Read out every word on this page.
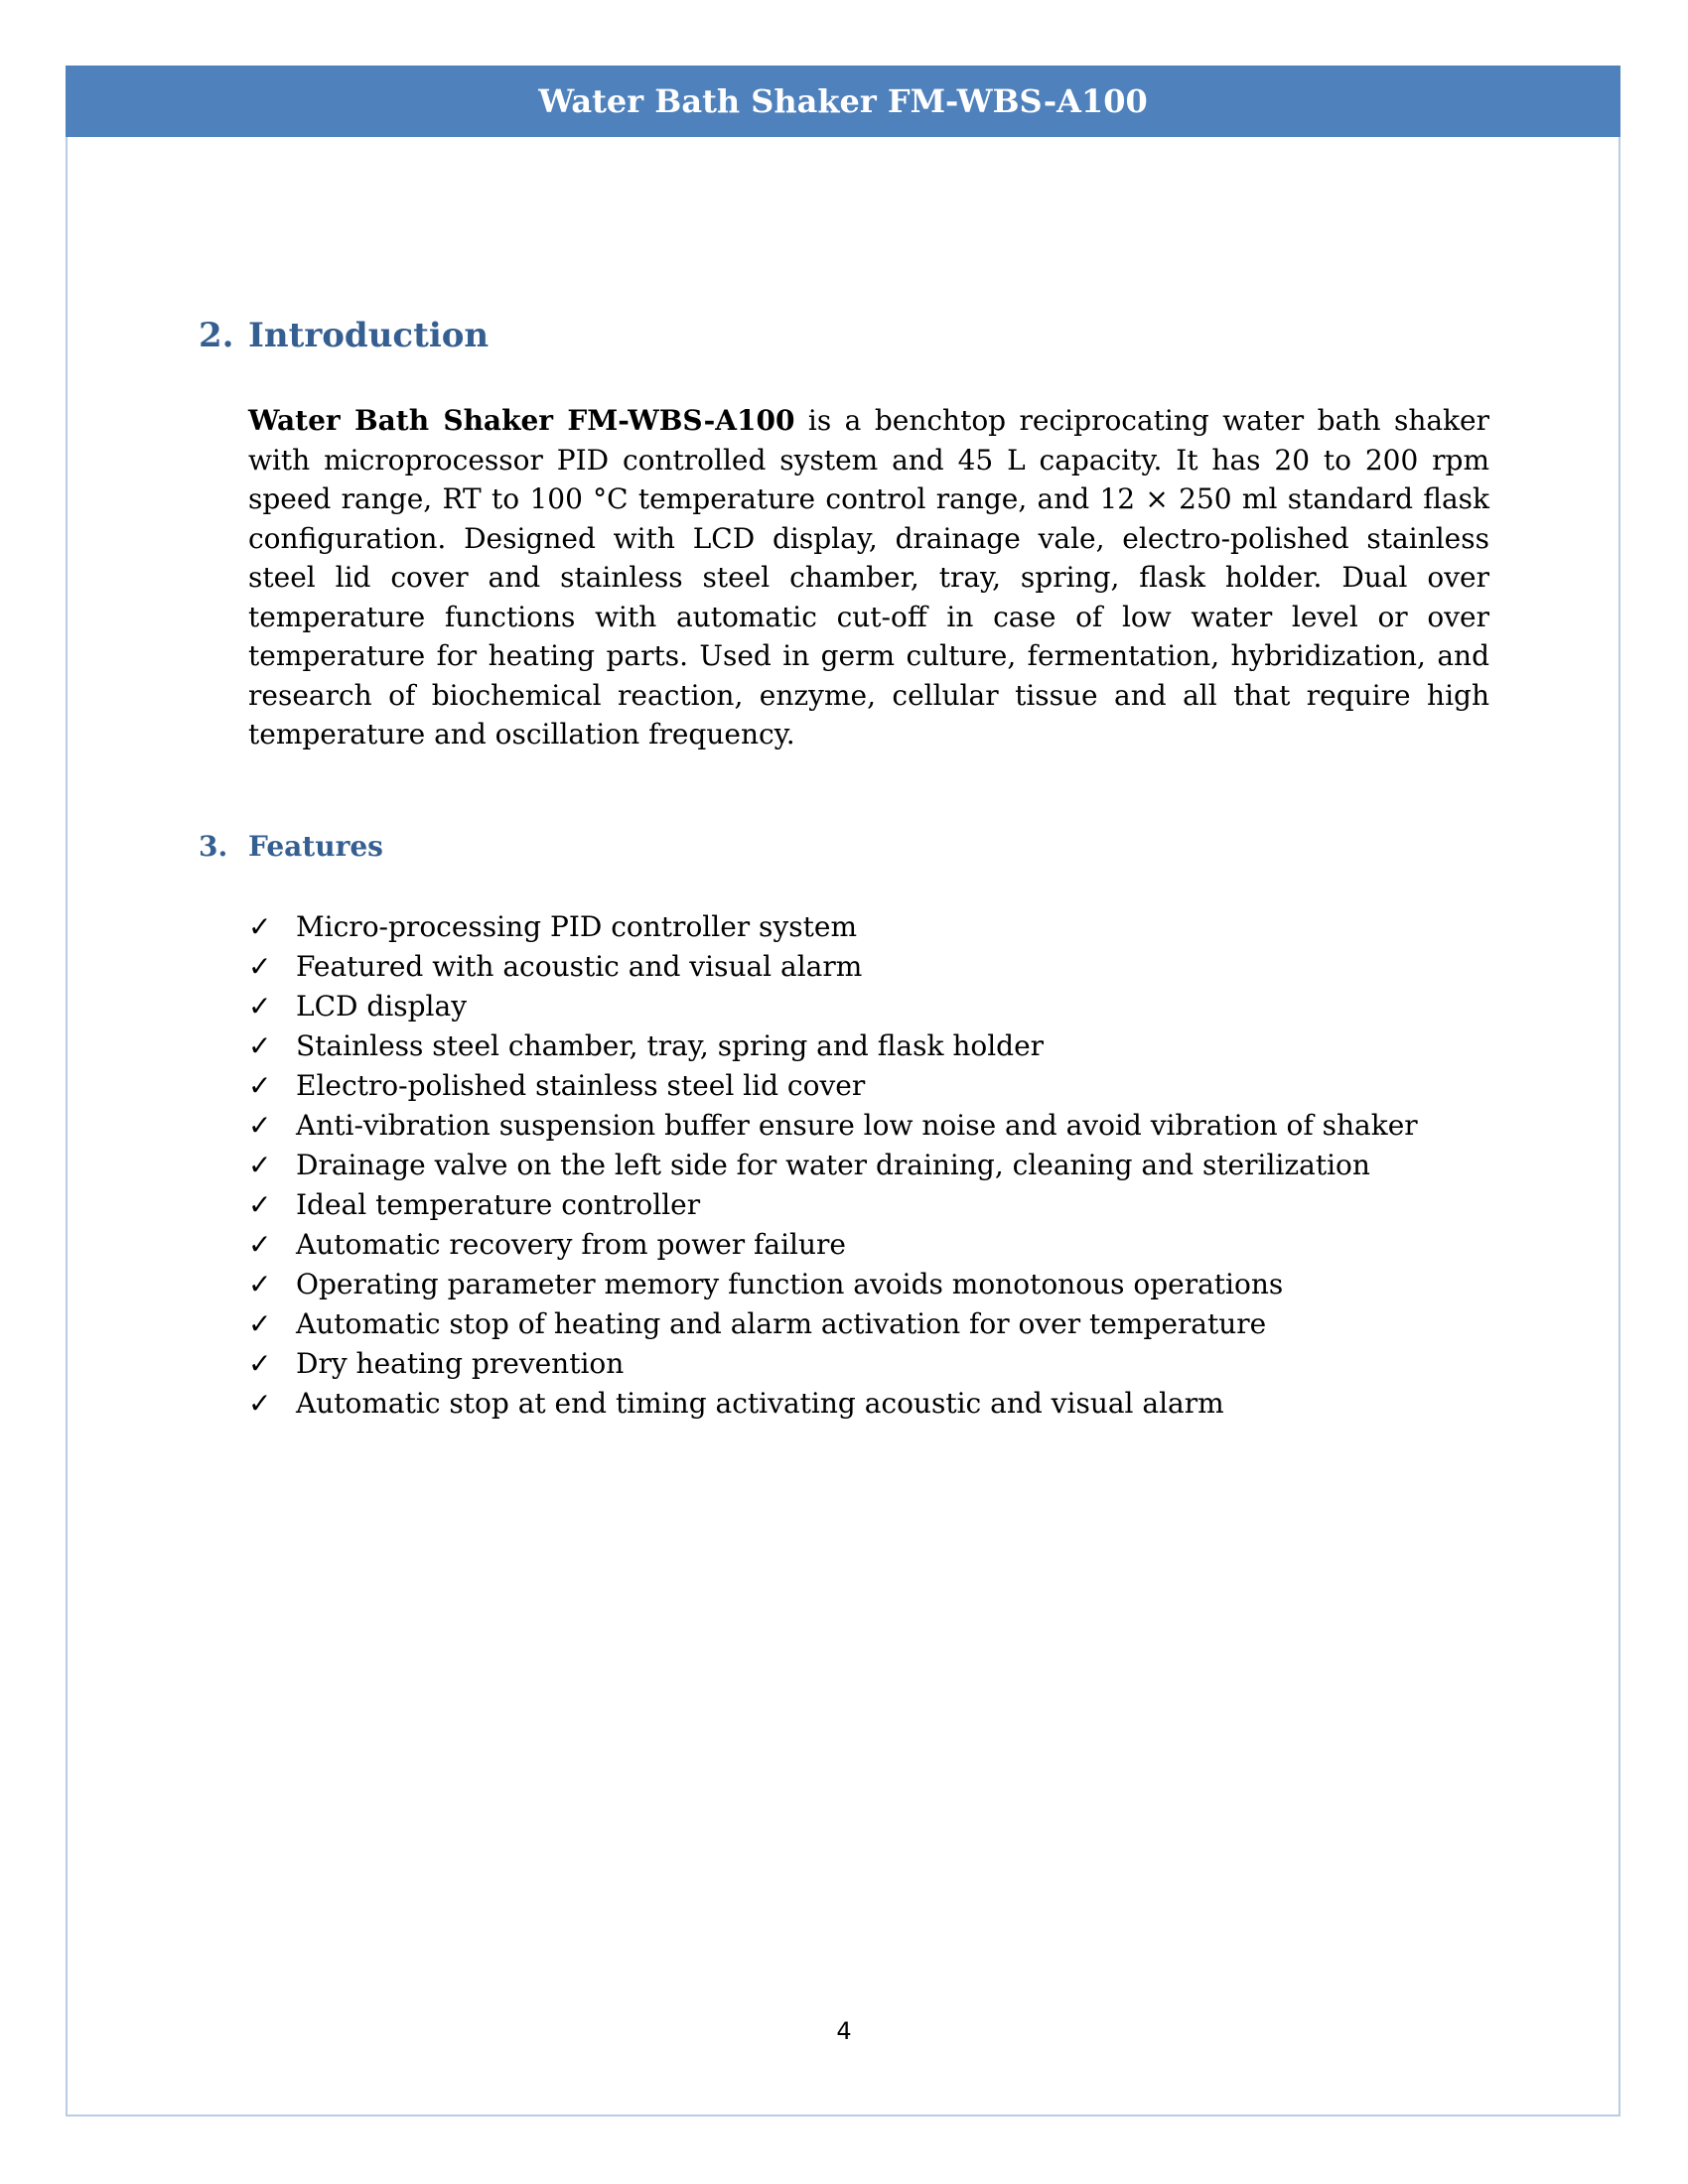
Water Bath Shaker FM-WBS-A100
2. Introduction

Water Bath Shaker FM-WBS-A100 is a benchtop reciprocating water bath shaker with microprocessor PID controlled system and 45 L capacity. It has 20 to 200 rpm speed range, RT to 100 °C temperature control range, and 12 × 250 ml standard flask configuration. Designed with LCD display, drainage vale, electro-polished stainless steel lid cover and stainless steel chamber, tray, spring, flask holder. Dual over temperature functions with automatic cut-off in case of low water level or over temperature for heating parts. Used in germ culture, fermentation, hybridization, and research of biochemical reaction, enzyme, cellular tissue and all that require high temperature and oscillation frequency.

3. Features
✓ Micro-processing PID controller system
✓ Featured with acoustic and visual alarm
✓ LCD display
✓ Stainless steel chamber, tray, spring and flask holder
✓ Electro-polished stainless steel lid cover
✓ Anti-vibration suspension buffer ensure low noise and avoid vibration of shaker
✓ Drainage valve on the left side for water draining, cleaning and sterilization
✓ Ideal temperature controller
✓ Automatic recovery from power failure
✓ Operating parameter memory function avoids monotonous operations
✓ Automatic stop of heating and alarm activation for over temperature
✓ Dry heating prevention
✓ Automatic stop at end timing activating acoustic and visual alarm
4
